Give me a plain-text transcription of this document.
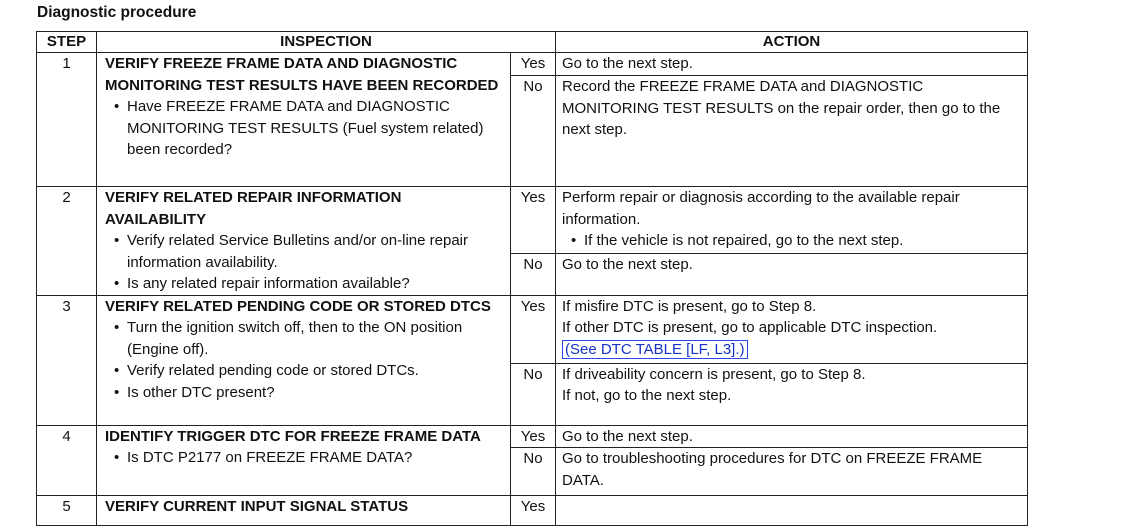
Diagnostic procedure
STEP	INSPECTION		ACTION
1	VERIFY FREEZE FRAME DATA AND DIAGNOSTIC MONITORING TEST RESULTS HAVE BEEN RECORDED
• Have FREEZE FRAME DATA and DIAGNOSTIC MONITORING TEST RESULTS (Fuel system related) been recorded?	Yes	Go to the next step.
		No	Record the FREEZE FRAME DATA and DIAGNOSTIC MONITORING TEST RESULTS on the repair order, then go to the next step.
2	VERIFY RELATED REPAIR INFORMATION AVAILABILITY
• Verify related Service Bulletins and/or on-line repair information availability.
• Is any related repair information available?	Yes	Perform repair or diagnosis according to the available repair information.
• If the vehicle is not repaired, go to the next step.

		No	Go to the next step.
3	VERIFY RELATED PENDING CODE OR STORED DTCS
• Turn the ignition switch off, then to the ON position (Engine off).
• Verify related pending code or stored DTCs.
• Is other DTC present?	Yes	If misfire DTC is present, go to Step 8.
If other DTC is present, go to applicable DTC inspection.
(See DTC TABLE [LF, L3].)
		No	If driveability concern is present, go to Step 8.
If not, go to the next step.

4	IDENTIFY TRIGGER DTC FOR FREEZE FRAME DATA
• Is DTC P2177 on FREEZE FRAME DATA?	Yes	Go to the next step.
		No	Go to troubleshooting procedures for DTC on FREEZE FRAME DATA.
5	VERIFY CURRENT INPUT SIGNAL STATUS	Yes	
